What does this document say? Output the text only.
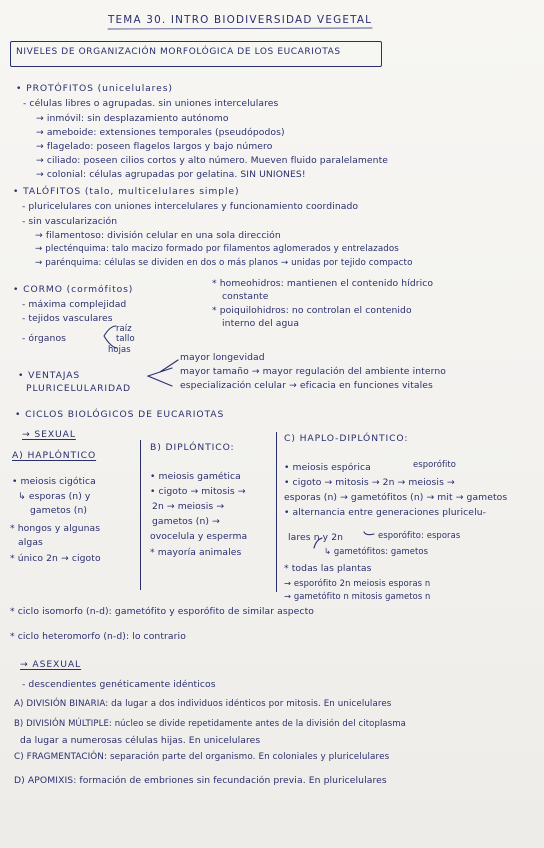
TEMA 30. INTRO BIODIVERSIDAD VEGETAL
NIVELES DE ORGANIZACIÓN MORFOLÓGICA DE LOS EUCARIOTAS
• PROTÓFITOS (unicelulares)
- células libres o agrupadas. sin uniones intercelulares
→ inmóvil: sin desplazamiento autónomo
→ ameboide: extensiones temporales (pseudópodos)
→ flagelado: poseen flagelos largos y bajo número
→ ciliado: poseen cilios cortos y alto número. Mueven fluido paralelamente
→ colonial: células agrupadas por gelatina. SIN UNIONES!
• TALÓFITOS (talo, multicelulares simple)
- pluricelulares con uniones intercelulares y funcionamiento coordinado
- sin vascularización
→ filamentoso: división celular en una sola dirección
→ plecténquima: talo macizo formado por filamentos aglomerados y entrelazados
→ parénquima: células se dividen en dos o más planos → unidas por tejido compacto
• CORMO (cormófitos)
- máxima complejidad
- tejidos vasculares
- órganos
raíz
tallo
hojas
* homeohidros: mantienen el contenido hídrico
constante
* poiquilohidros: no controlan el contenido
interno del agua
• VENTAJAS
PLURICELULARIDAD
mayor longevidad
mayor tamaño → mayor regulación del ambiente interno
especialización celular → eficacia en funciones vitales
• CICLOS BIOLÓGICOS DE EUCARIOTAS
→ SEXUAL
A) HAPLÓNTICO
• meiosis cigótica
↳ esporas (n) y
gametos (n)
* hongos y algunas
algas
* único 2n → cigoto
B) DIPLÓNTICO:
• meiosis gamética
• cigoto → mitosis →
2n → meiosis →
gametos (n) →
ovocelula y esperma
* mayoría animales
C) HAPLO-DIPLÓNTICO:
• meiosis espórica	esporófito
• cigoto → mitosis → 2n → meiosis →
esporas (n) → gametófitos (n) → mit → gametos
• alternancia entre generaciones pluricelu-
lares n y 2n	esporófito: esporas
↳ gametófitos: gametos
* todas las plantas
→ esporófito 2n meiosis esporas n
→ gametófito n mitosis gametos n
* ciclo isomorfo (n-d): gametófito y esporófito de similar aspecto
* ciclo heteromorfo (n-d): lo contrario
→ ASEXUAL
- descendientes genéticamente idénticos
A) DIVISIÓN BINARIA: da lugar a dos individuos idénticos por mitosis. En unicelulares
B) DIVISIÓN MÚLTIPLE: núcleo se divide repetidamente antes de la división del citoplasma
da lugar a numerosas células hijas. En unicelulares
C) FRAGMENTACIÓN: separación parte del organismo. En coloniales y pluricelulares
D) APOMIXIS: formación de embriones sin fecundación previa. En pluricelulares
